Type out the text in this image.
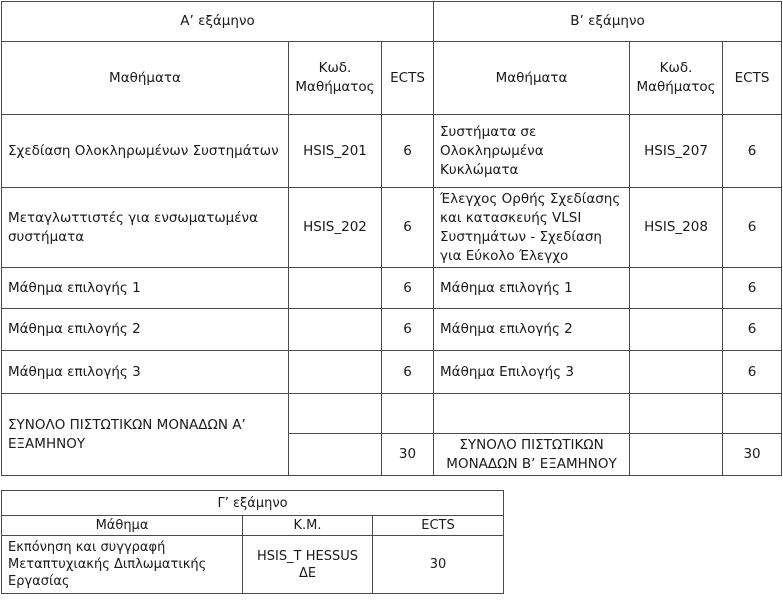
Α’ εξάμηνο			Β’ εξάμηνο		
Μαθήματα	Κωδ. Μαθήματος	ECTS	Μαθήματα	Κωδ. Μαθήματος	ECTS
Σχεδίαση Ολοκληρωμένων Συστημάτων	HSIS_201	6	Συστήματα σε Ολοκληρωμένα Κυκλώματα	HSIS_207	6
Μεταγλωττιστές για ενσωματωμένα συστήματα	HSIS_202	6	Έλεγχος Ορθής Σχεδίασης και κατασκευής VLSI Συστημάτων - Σχεδίαση για Εύκολο Έλεγχο	HSIS_208	6
Μάθημα επιλογής 1		6	Μάθημα επιλογής 1		6
Μάθημα επιλογής 2		6	Μάθημα επιλογής 2		6
Μάθημα επιλογής 3		6	Μάθημα Επιλογής 3		6
ΣΥΝΟΛΟ ΠΙΣΤΩΤΙΚΩΝ ΜΟΝΑΔΩΝ Α’ ΕΞΑΜΗΝΟΥ					
		30	ΣΥΝΟΛΟ ΠΙΣΤΩΤΙΚΩΝ ΜΟΝΑΔΩΝ Β’ ΕΞΑΜΗΝΟΥ		30
Γ’ εξάμηνο		
Μάθημα	Κ.Μ.	ECTS
Εκπόνηση και συγγραφή Μεταπτυχιακής Διπλωματικής Εργασίας	HSIS_T HESSUS ΔΕ	30
